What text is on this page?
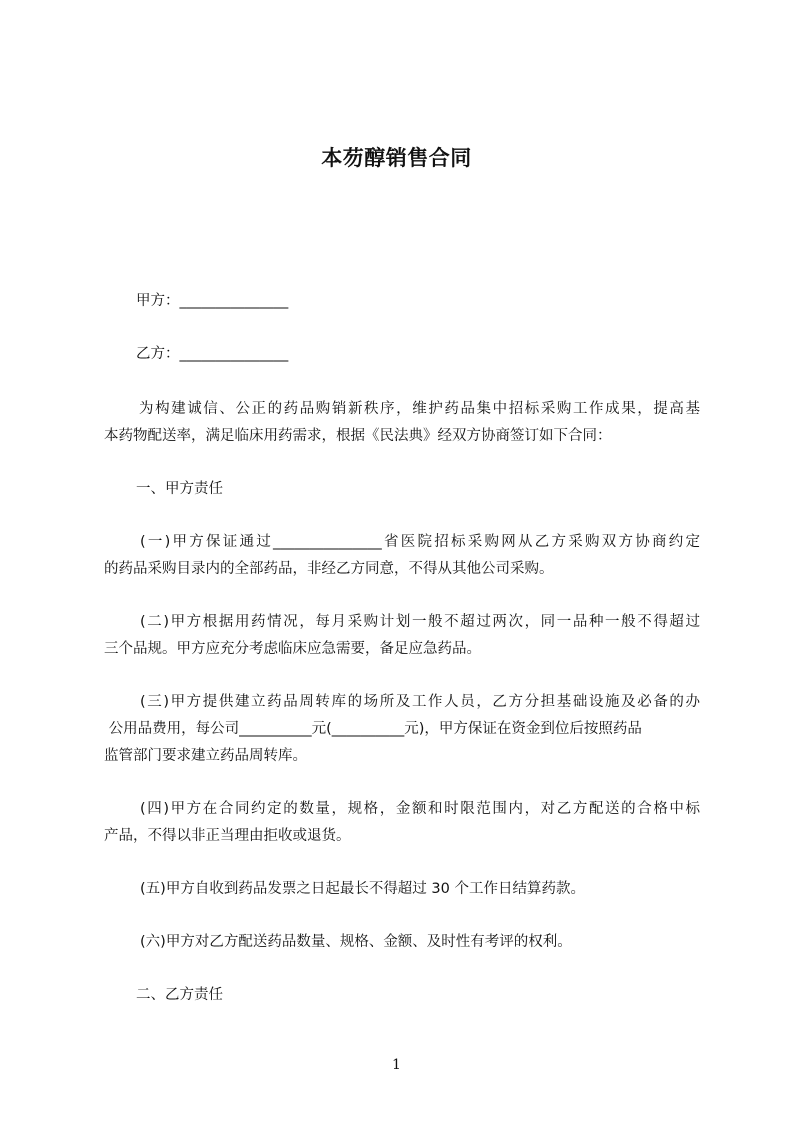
本芴醇销售合同
甲方：_______________
乙方：_______________
为构建诚信、公正的药品购销新秩序，维护药品集中招标采购工作成果，提高基
本药物配送率，满足临床用药需求，根据《民法典》经双方协商签订如下合同：
一、甲方责任
(一)甲方保证通过_______________省医院招标采购网从乙方采购双方协商约定
的药品采购目录内的全部药品，非经乙方同意，不得从其他公司采购。
(二)甲方根据用药情况，每月采购计划一般不超过两次，同一品种一般不得超过
三个品规。甲方应充分考虑临床应急需要，备足应急药品。
(三)甲方提供建立药品周转库的场所及工作人员，乙方分担基础设施及必备的办
公用品费用，每公司__________元(__________元)，甲方保证在资金到位后按照药品
监管部门要求建立药品周转库。
(四)甲方在合同约定的数量，规格，金额和时限范围内，对乙方配送的合格中标
产品，不得以非正当理由拒收或退货。
(五)甲方自收到药品发票之日起最长不得超过 30 个工作日结算药款。
(六)甲方对乙方配送药品数量、规格、金额、及时性有考评的权利。
二、乙方责任
1
